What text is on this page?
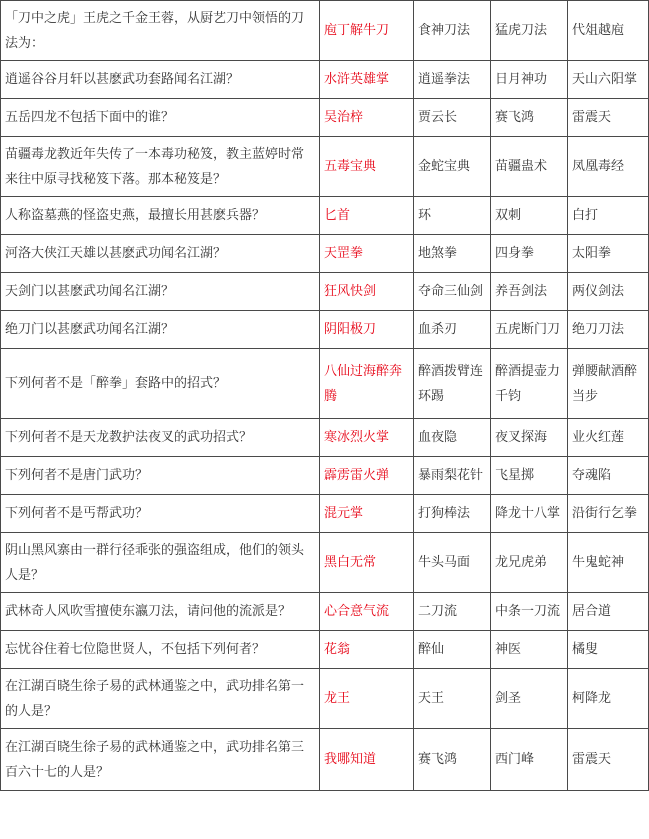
「刀中之虎」王虎之千金王蓉，从厨艺刀中领悟的刀法为：	庖丁解牛刀	食神刀法	猛虎刀法	代俎越庖
逍遥谷谷月轩以甚麽武功套路闻名江湖？	水浒英雄掌	逍遥拳法	日月神功	天山六阳掌
五岳四龙不包括下面中的谁？	吴治梓	贾云长	赛飞鸿	雷震天
苗疆毒龙教近年失传了一本毒功秘笈，教主蓝婷时常来往中原寻找秘笈下落。那本秘笈是？	五毒宝典	金蛇宝典	苗疆蛊术	凤凰毒经
人称盗墓燕的怪盗史燕，最擅长用甚麽兵器？	匕首	环	双刺	白打
河洛大侠江天雄以甚麽武功闻名江湖？	天罡拳	地煞拳	四身拳	太阳拳
天剑门以甚麽武功闻名江湖？	狂风快剑	夺命三仙剑	养吾剑法	两仪剑法
绝刀门以甚麽武功闻名江湖？	阴阳极刀	血杀刃	五虎断门刀	绝刀刀法
下列何者不是「醉拳」套路中的招式？	八仙过海醉奔腾	醉酒拨臂连环踢	醉酒提壶力千钧	弹腰献酒醉当步
下列何者不是天龙教护法夜叉的武功招式？	寒冰烈火掌	血夜隐	夜叉探海	业火红莲
下列何者不是唐门武功？	霹雳雷火弹	暴雨梨花针	飞星掷	夺魂陷
下列何者不是丐帮武功？	混元掌	打狗棒法	降龙十八掌	沿街行乞拳
阴山黑风寨由一群行径乖张的强盗组成，他们的领头人是？	黑白无常	牛头马面	龙兄虎弟	牛鬼蛇神
武林奇人风吹雪擅使东瀛刀法，请问他的流派是？	心合意气流	二刀流	中条一刀流	居合道
忘忧谷住着七位隐世贤人，不包括下列何者？	花翁	醉仙	神医	橘叟
在江湖百晓生徐子易的武林通鉴之中，武功排名第一的人是？	龙王	天王	剑圣	柯降龙
在江湖百晓生徐子易的武林通鉴之中，武功排名第三百六十七的人是？	我哪知道	赛飞鸿	西门峰	雷震天
